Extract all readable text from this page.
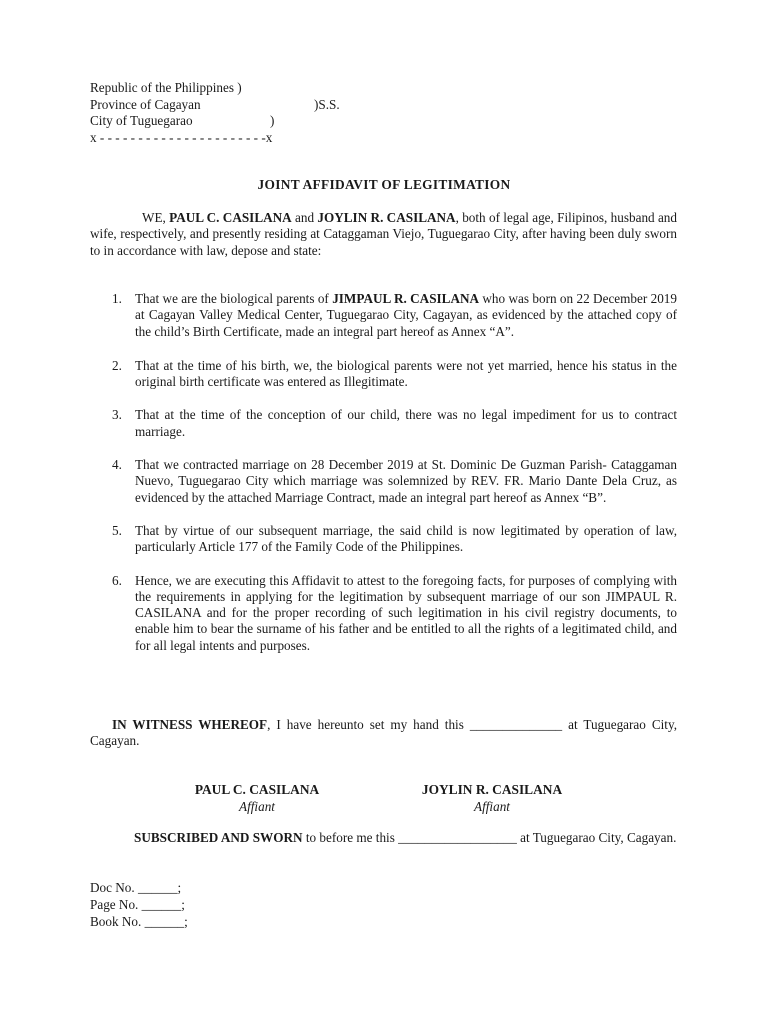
Republic of the Philippines )
Province of Cagayan	)S.S.
City of Tuguegarao	)
x - - - - - - - - - - - - - - - - - - - - - -x
JOINT AFFIDAVIT OF LEGITIMATION
WE, PAUL C. CASILANA and JOYLIN R. CASILANA, both of legal age, Filipinos, husband and wife, respectively, and presently residing at Cataggaman Viejo, Tuguegarao City, after having been duly sworn to in accordance with law, depose and state:
1. That we are the biological parents of JIMPAUL R. CASILANA who was born on 22 December 2019 at Cagayan Valley Medical Center, Tuguegarao City, Cagayan, as evidenced by the attached copy of the child’s Birth Certificate, made an integral part hereof as Annex “A”.
2. That at the time of his birth, we, the biological parents were not yet married, hence his status in the original birth certificate was entered as Illegitimate.
3. That at the time of the conception of our child, there was no legal impediment for us to contract marriage.
4. That we contracted marriage on 28 December 2019 at St. Dominic De Guzman Parish- Cataggaman Nuevo, Tuguegarao City which marriage was solemnized by REV. FR. Mario Dante Dela Cruz, as evidenced by the attached Marriage Contract, made an integral part hereof as Annex “B”.
5. That by virtue of our subsequent marriage, the said child is now legitimated by operation of law, particularly Article 177 of the Family Code of the Philippines.
6. Hence, we are executing this Affidavit to attest to the foregoing facts, for purposes of complying with the requirements in applying for the legitimation by subsequent marriage of our son JIMPAUL R. CASILANA and for the proper recording of such legitimation in his civil registry documents, to enable him to bear the surname of his father and be entitled to all the rights of a legitimated child, and for all legal intents and purposes.
IN WITNESS WHEREOF, I have hereunto set my hand this ______________ at Tuguegarao City, Cagayan.
PAUL C. CASILANA
Affiant
JOYLIN R. CASILANA
Affiant
SUBSCRIBED AND SWORN to before me this __________________ at Tuguegarao City, Cagayan.
Doc No. ______;
Page No. ______;
Book No. ______;
